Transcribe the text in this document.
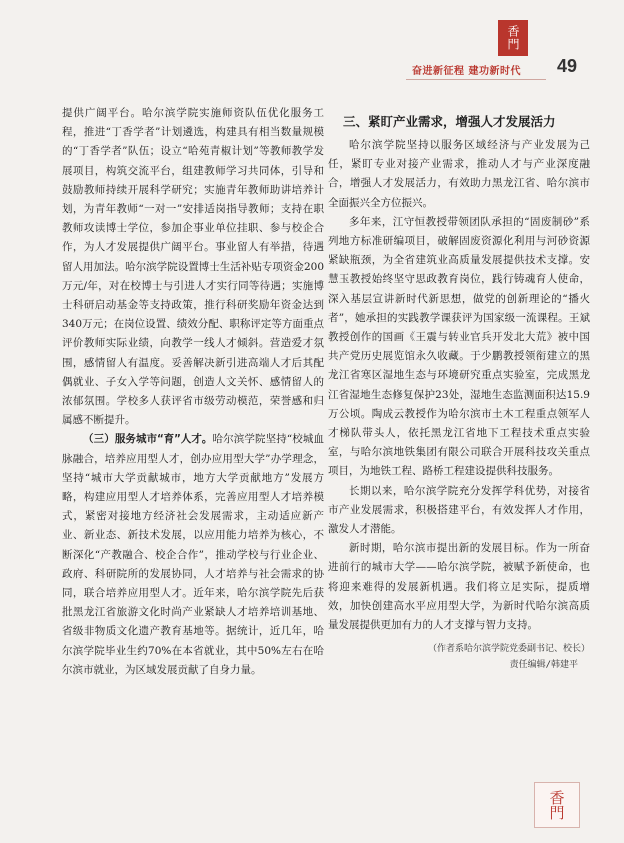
香門
奋进新征程 建功新时代 49

提供广阔平台。哈尔滨学院实施师资队伍优化服务工程，推进“丁香学者”计划遴选，构建具有相当数量规模的“丁香学者”队伍；设立“哈苑青椒计划”等教师教学发展项目，构筑交流平台，组建教师学习共同体，引导和鼓励教师持续开展科学研究；实施青年教师助讲培养计划，为青年教师“一对一”安排适岗指导教师；支持在职教师攻读博士学位，参加企事业单位挂职、参与校企合作，为人才发展提供广阔平台。事业留人有举措，待遇留人用加法。哈尔滨学院设置博士生活补贴专项资金200万元/年，对在校博士与引进人才实行同等待遇；实施博士科研启动基金等支持政策，推行科研奖励年资金达到340万元；在岗位设置、绩效分配、职称评定等方面重点评价教师实际业绩，向教学一线人才倾斜。营造爱才氛围，感情留人有温度。妥善解决新引进高端人才后其配偶就业、子女入学等问题，创造人文关怀、感情留人的浓郁氛围。学校多人获评省市级劳动模范，荣誉感和归属感不断提升。

（三）服务城市“育”人才。哈尔滨学院坚持“校城血脉融合，培养应用型人才，创办应用型大学”办学理念，坚持“城市大学贡献城市，地方大学贡献地方”发展方略，构建应用型人才培养体系，完善应用型人才培养模式，紧密对接地方经济社会发展需求，主动适应新产业、新业态、新技术发展，以应用能力培养为核心，不断深化“产教融合、校企合作”，推动学校与行业企业、政府、科研院所的发展协同，人才培养与社会需求的协同，联合培养应用型人才。近年来，哈尔滨学院先后获批黑龙江省旅游文化时尚产业紧缺人才培养培训基地、省级非物质文化遗产教育基地等。据统计，近几年，哈尔滨学院毕业生约70%在本省就业，其中50%左右在哈尔滨市就业，为区域发展贡献了自身力量。

三、紧盯产业需求，增强人才发展活力

哈尔滨学院坚持以服务区域经济与产业发展为己任，紧盯专业对接产业需求，推动人才与产业深度融合，增强人才发展活力，有效助力黑龙江省、哈尔滨市全面振兴全方位振兴。

多年来，江守恒教授带领团队承担的“固废制砂”系列地方标准研编项目，破解固废资源化利用与河砂资源紧缺瓶颈，为全省建筑业高质量发展提供技术支撑。安慧玉教授始终坚守思政教育岗位，践行铸魂育人使命，深入基层宣讲新时代新思想，做党的创新理论的“播火者”，她承担的实践教学课获评为国家级一流课程。王斌教授创作的国画《王震与转业官兵开发北大荒》被中国共产党历史展览馆永久收藏。于少鹏教授领衔建立的黑龙江省寒区湿地生态与环境研究重点实验室，完成黑龙江省湿地生态修复保护23处，湿地生态监测面积达15.9万公顷。陶成云教授作为哈尔滨市土木工程重点领军人才梯队带头人，依托黑龙江省地下工程技术重点实验室，与哈尔滨地铁集团有限公司联合开展科技攻关重点项目，为地铁工程、路桥工程建设提供科技服务。

长期以来，哈尔滨学院充分发挥学科优势，对接省市产业发展需求，积极搭建平台，有效发挥人才作用，激发人才潜能。

新时期，哈尔滨市提出新的发展目标。作为一所奋进前行的城市大学——哈尔滨学院，被赋予新使命，也将迎来难得的发展新机遇。我们将立足实际，提质增效，加快创建高水平应用型大学，为新时代哈尔滨高质量发展提供更加有力的人才支撑与智力支持。

（作者系哈尔滨学院党委副书记、校长）
责任编辑/韩建平
香門
